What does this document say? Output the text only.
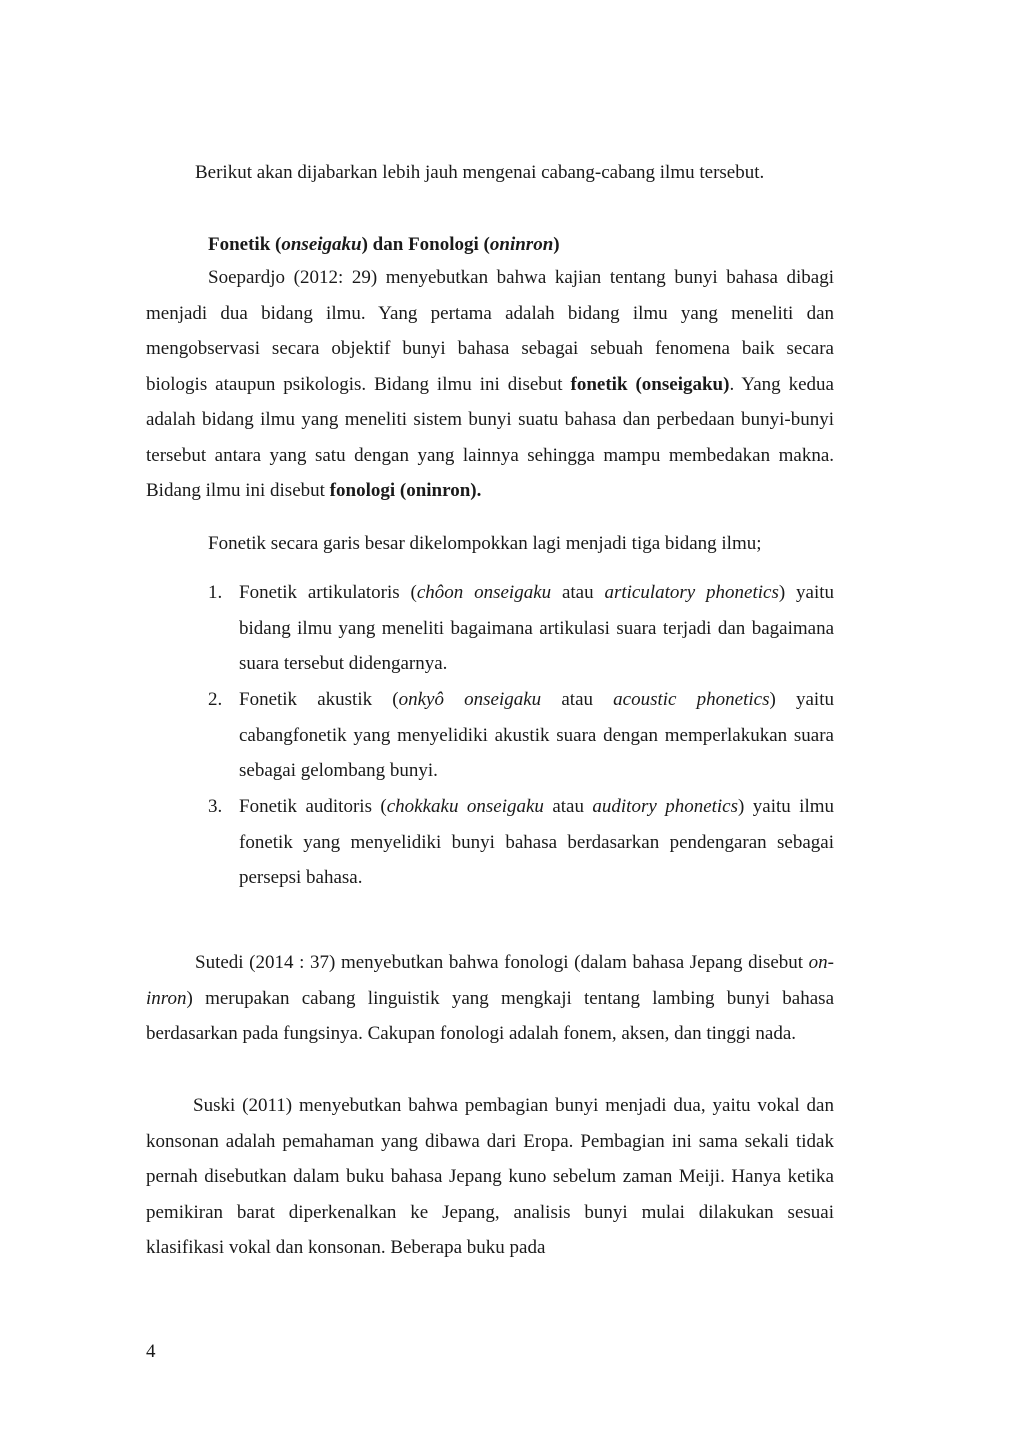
Berikut akan dijabarkan lebih jauh mengenai cabang-cabang ilmu tersebut.

Fonetik (onseigaku) dan Fonologi (oninron)

Soepardjo (2012: 29) menyebutkan bahwa kajian tentang bunyi bahasa dibagi menjadi dua bidang ilmu. Yang pertama adalah bidang ilmu yang meneliti dan mengobservasi secara objektif bunyi bahasa sebagai sebuah fenomena baik secara biologis ataupun psikologis. Bidang ilmu ini disebut fonetik (onseigaku). Yang kedua adalah bidang ilmu yang meneliti sistem bunyi suatu bahasa dan perbedaan bunyi-bunyi tersebut antara yang satu dengan yang lainnya sehingga mampu membedakan makna. Bidang ilmu ini disebut fonologi (oninron).

Fonetik secara garis besar dikelompokkan lagi menjadi tiga bidang ilmu;

1. Fonetik artikulatoris (chôon onseigaku atau articulatory phonetics) yaitu bidang ilmu yang meneliti bagaimana artikulasi suara terjadi dan bagaimana suara tersebut didengarnya.
2. Fonetik akustik (onkyô onseigaku atau acoustic phonetics) yaitu cabangfonetik yang menyelidiki akustik suara dengan memperlakukan suara sebagai gelombang bunyi.
3. Fonetik auditoris (chokkaku onseigaku atau auditory phonetics) yaitu ilmu fonetik yang menyelidiki bunyi bahasa berdasarkan pendengaran sebagai persepsi bahasa.

Sutedi (2014 : 37) menyebutkan bahwa fonologi (dalam bahasa Jepang disebut on-inron) merupakan cabang linguistik yang mengkaji tentang lambing bunyi bahasa berdasarkan pada fungsinya. Cakupan fonologi adalah fonem, aksen, dan tinggi nada.

Suski (2011) menyebutkan bahwa pembagian bunyi menjadi dua, yaitu vokal dan konsonan adalah pemahaman yang dibawa dari Eropa. Pembagian ini sama sekali tidak pernah disebutkan dalam buku bahasa Jepang kuno sebelum zaman Meiji. Hanya ketika pemikiran barat diperkenalkan ke Jepang, analisis bunyi mulai dilakukan sesuai klasifikasi vokal dan konsonan. Beberapa buku pada

4
